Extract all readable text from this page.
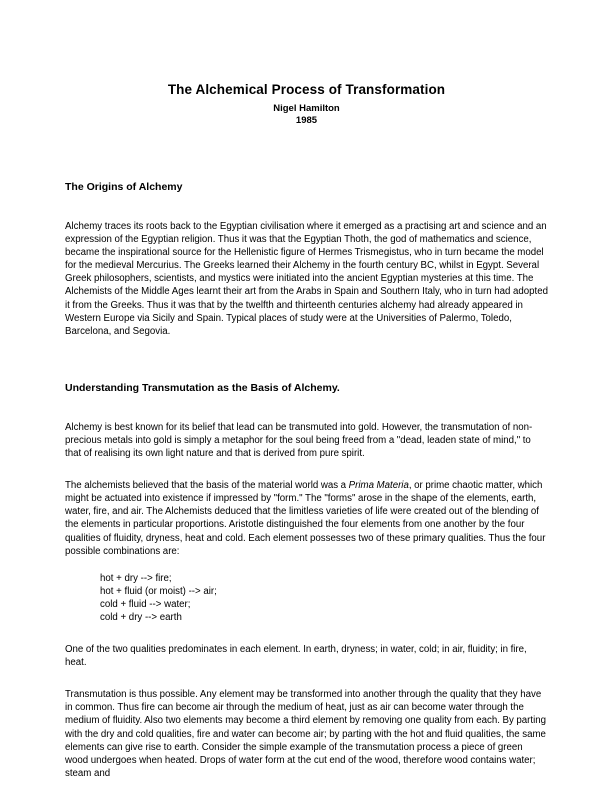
The Alchemical Process of Transformation
Nigel Hamilton
1985
The Origins of Alchemy

Alchemy traces its roots back to the Egyptian civilisation where it emerged as a practising art and science and an expression of the Egyptian religion. Thus it was that the Egyptian Thoth, the god of mathematics and science, became the inspirational source for the Hellenistic figure of Hermes Trismegistus, who in turn became the model for the medieval Mercurius. The Greeks learned their Alchemy in the fourth century BC, whilst in Egypt. Several Greek philosophers, scientists, and mystics were initiated into the ancient Egyptian mysteries at this time. The Alchemists of the Middle Ages learnt their art from the Arabs in Spain and Southern Italy, who in turn had adopted it from the Greeks. Thus it was that by the twelfth and thirteenth centuries alchemy had already appeared in Western Europe via Sicily and Spain. Typical places of study were at the Universities of Palermo, Toledo, Barcelona, and Segovia.

Understanding Transmutation as the Basis of Alchemy.

Alchemy is best known for its belief that lead can be transmuted into gold. However, the transmutation of non-precious metals into gold is simply a metaphor for the soul being freed from a "dead, leaden state of mind," to that of realising its own light nature and that is derived from pure spirit.

The alchemists believed that the basis of the material world was a Prima Materia, or prime chaotic matter, which might be actuated into existence if impressed by "form." The "forms" arose in the shape of the elements, earth, water, fire, and air. The Alchemists deduced that the limitless varieties of life were created out of the blending of the elements in particular proportions. Aristotle distinguished the four elements from one another by the four qualities of fluidity, dryness, heat and cold. Each element possesses two of these primary qualities. Thus the four possible combinations are:

hot + dry --> fire;
hot + fluid (or moist) --> air;
cold + fluid --> water;
cold + dry --> earth

One of the two qualities predominates in each element. In earth, dryness; in water, cold; in air, fluidity; in fire, heat.

Transmutation is thus possible. Any element may be transformed into another through the quality that they have in common. Thus fire can become air through the medium of heat, just as air can become water through the medium of fluidity. Also two elements may become a third element by removing one quality from each. By parting with the dry and cold qualities, fire and water can become air; by parting with the hot and fluid qualities, the same elements can give rise to earth. Consider the simple example of the transmutation process a piece of green wood undergoes when heated. Drops of water form at the cut end of the wood, therefore wood contains water; steam and
